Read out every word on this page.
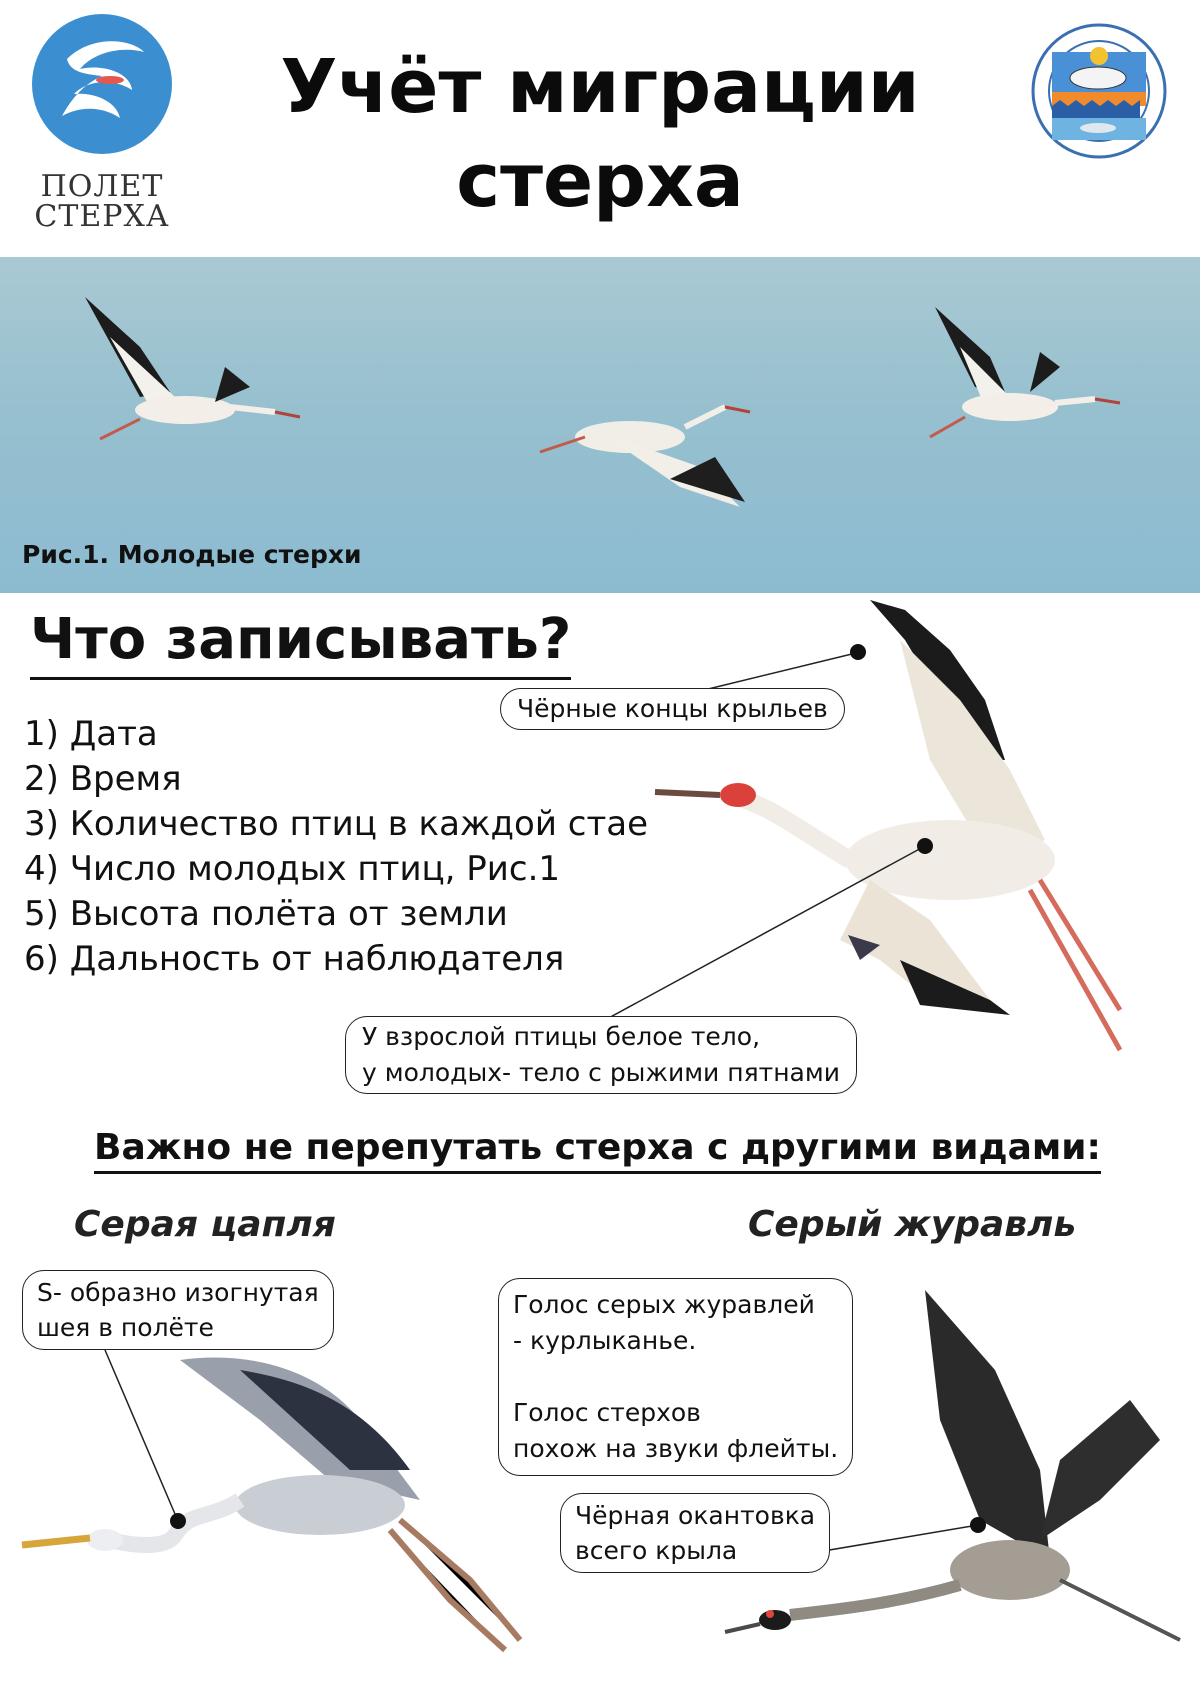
ПОЛЕТ
СТЕРХА
Учёт миграции
стерха
Рис.1. Молодые стерхи
Что записывать?
1) Дата
2) Время
3) Количество птиц в каждой стае
4) Число молодых птиц, Рис.1
5) Высота полёта от земли
6) Дальность от наблюдателя
Чёрные концы крыльев
У взрослой птицы белое тело,
у молодых- тело с рыжими пятнами
Важно не перепутать стерха с другими видами:
Серая цапля	Серый журавль
S- образно изогнутая
шея в полёте
Голос серых журавлей
- курлыканье.
Голос стерхов
похож на звуки флейты.
Чёрная окантовка
всего крыла
